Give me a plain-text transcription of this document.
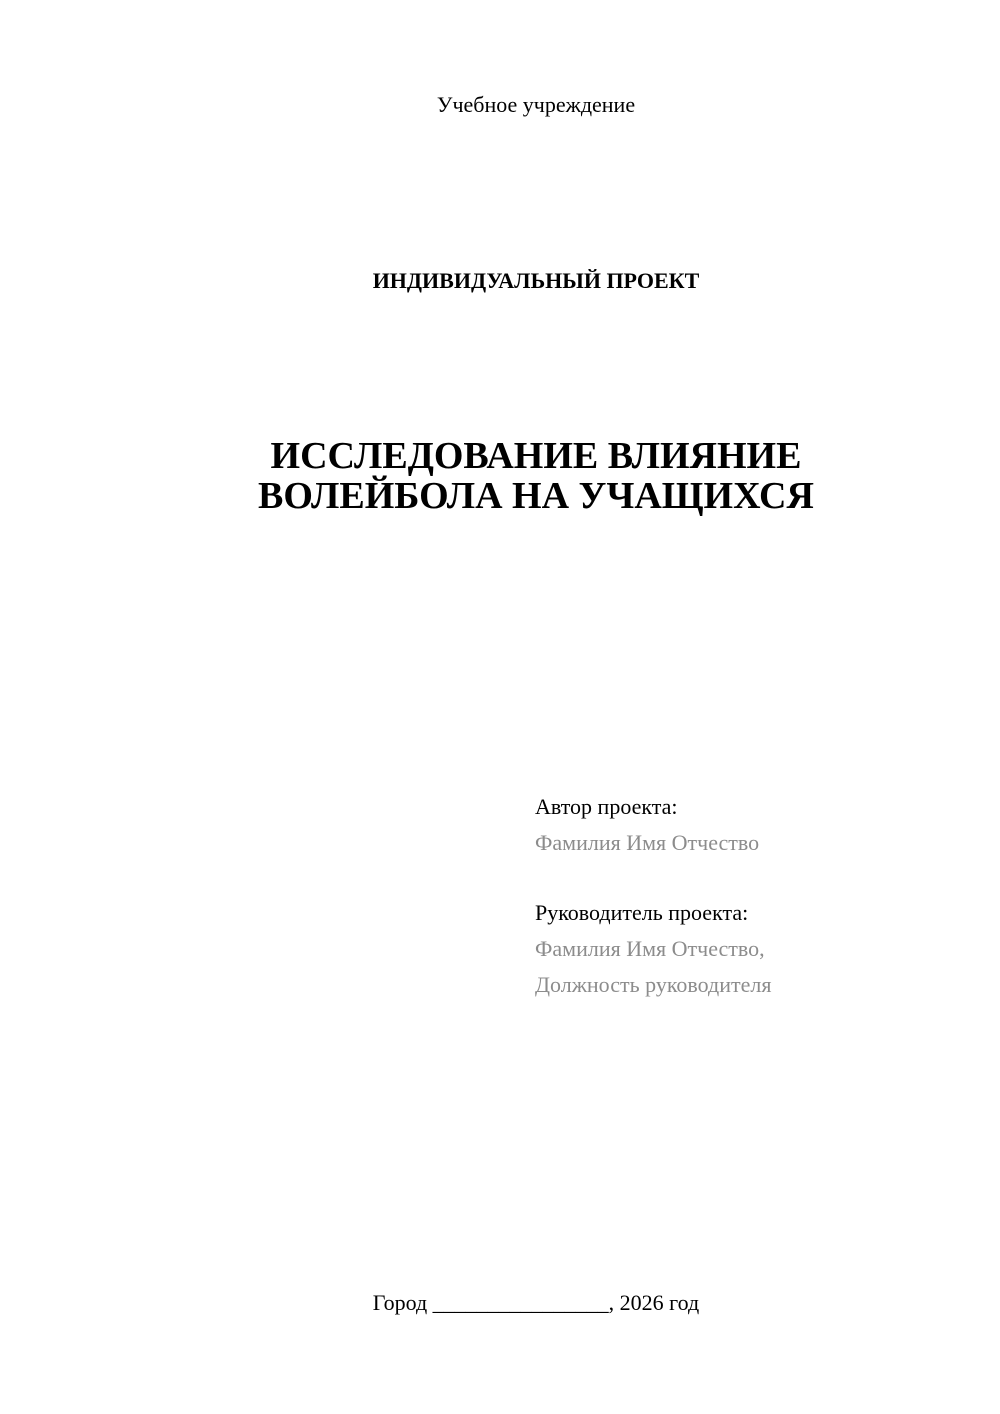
Учебное учреждение
ИНДИВИДУАЛЬНЫЙ ПРОЕКТ
ИССЛЕДОВАНИЕ ВЛИЯНИЕ
ВОЛЕЙБОЛА НА УЧАЩИХСЯ
Автор проекта:
Фамилия Имя Отчество
Руководитель проекта:
Фамилия Имя Отчество,
Должность руководителя
Город ________________, 2026 год
